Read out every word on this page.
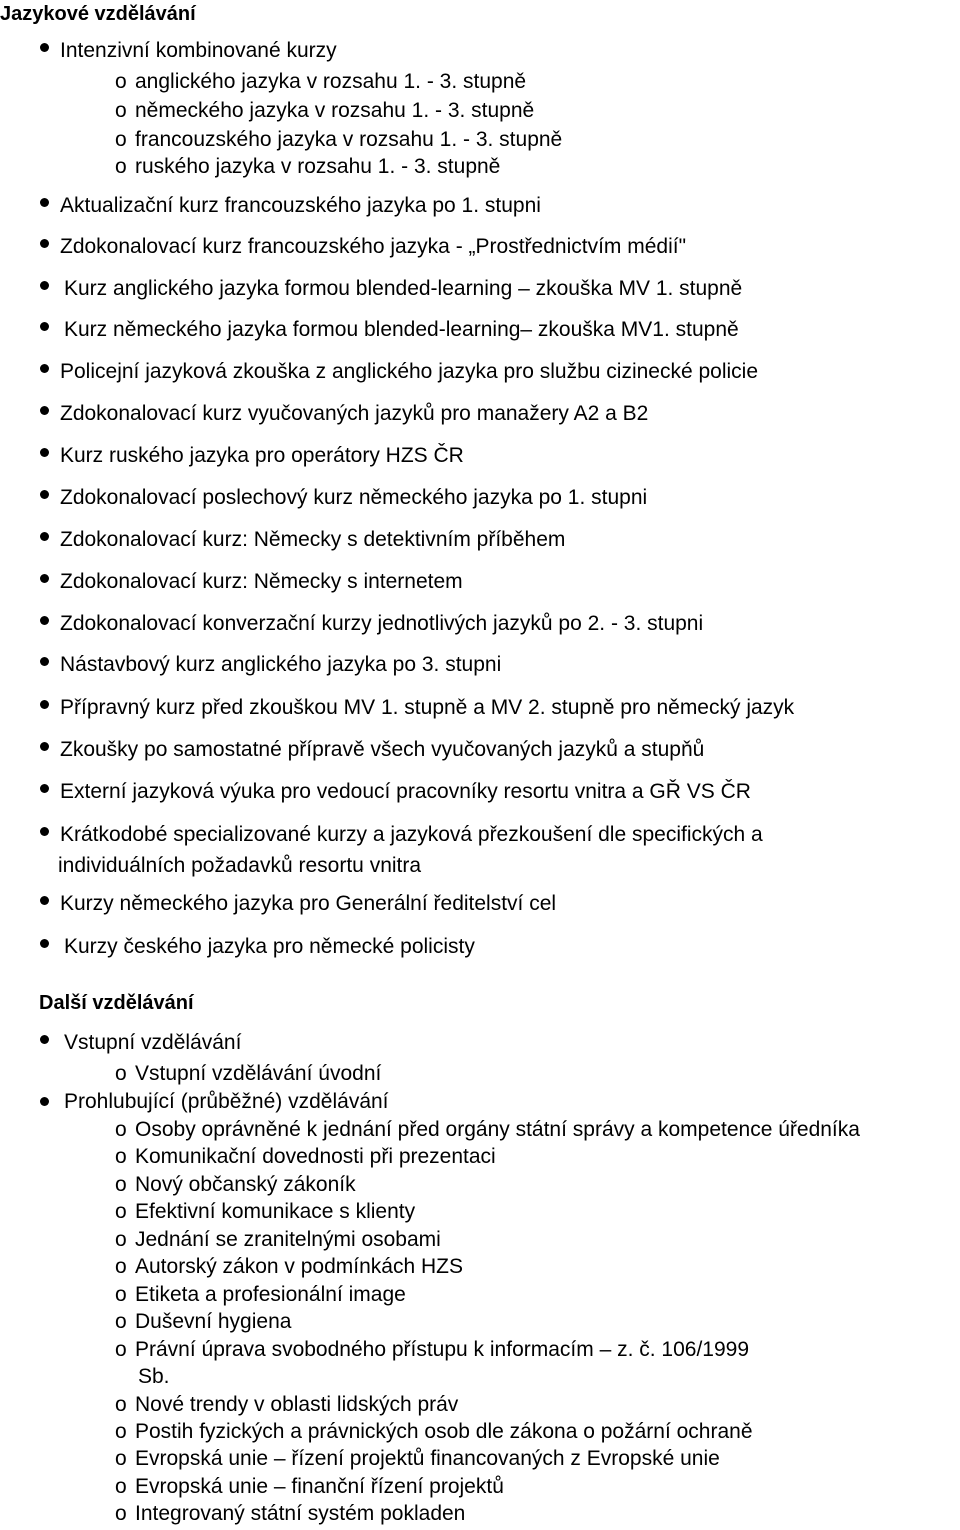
Jazykové vzdělávání
Intenzivní kombinované kurzy
o anglického jazyka v rozsahu 1. - 3. stupně
o německého jazyka v rozsahu 1. - 3. stupně
o francouzského jazyka v rozsahu 1. - 3. stupně
o ruského jazyka v rozsahu 1. - 3. stupně
Aktualizační kurz francouzského jazyka po 1. stupni
Zdokonalovací kurz francouzského jazyka - „Prostřednictvím médií"
Kurz anglického jazyka formou blended-learning – zkouška MV 1. stupně
Kurz německého jazyka formou blended-learning– zkouška MV1. stupně
Policejní jazyková zkouška z anglického jazyka pro službu cizinecké policie
Zdokonalovací kurz vyučovaných jazyků pro manažery A2 a B2
Kurz ruského jazyka pro operátory HZS ČR
Zdokonalovací poslechový kurz německého jazyka po 1. stupni
Zdokonalovací kurz: Německy s detektivním příběhem
Zdokonalovací kurz: Německy s internetem
Zdokonalovací konverzační kurzy jednotlivých jazyků po 2. - 3. stupni
Nástavbový kurz anglického jazyka po 3. stupni
Přípravný kurz před zkouškou MV 1. stupně a MV 2. stupně pro německý jazyk
Zkoušky po samostatné přípravě všech vyučovaných jazyků a stupňů
Externí jazyková výuka pro vedoucí pracovníky resortu vnitra a GŘ VS ČR
Krátkodobé specializované kurzy a jazyková přezkoušení dle specifických a
individuálních požadavků resortu vnitra
Kurzy německého jazyka pro Generální ředitelství cel
Kurzy českého jazyka pro německé policisty
Další vzdělávání
Vstupní vzdělávání
o Vstupní vzdělávání úvodní
Prohlubující (průběžné) vzdělávání
o Osoby oprávněné k jednání před orgány státní správy a kompetence úředníka
o Komunikační dovednosti při prezentaci
o Nový občanský zákoník
o Efektivní komunikace s klienty
o Jednání se zranitelnými osobami
o Autorský zákon v podmínkách HZS
o Etiketa a profesionální image
o Duševní hygiena
o Právní úprava svobodného přístupu k informacím – z. č. 106/1999
Sb.
o Nové trendy v oblasti lidských práv
o Postih fyzických a právnických osob dle zákona o požární ochraně
o Evropská unie – řízení projektů financovaných z Evropské unie
o Evropská unie – finanční řízení projektů
o Integrovaný státní systém pokladen
